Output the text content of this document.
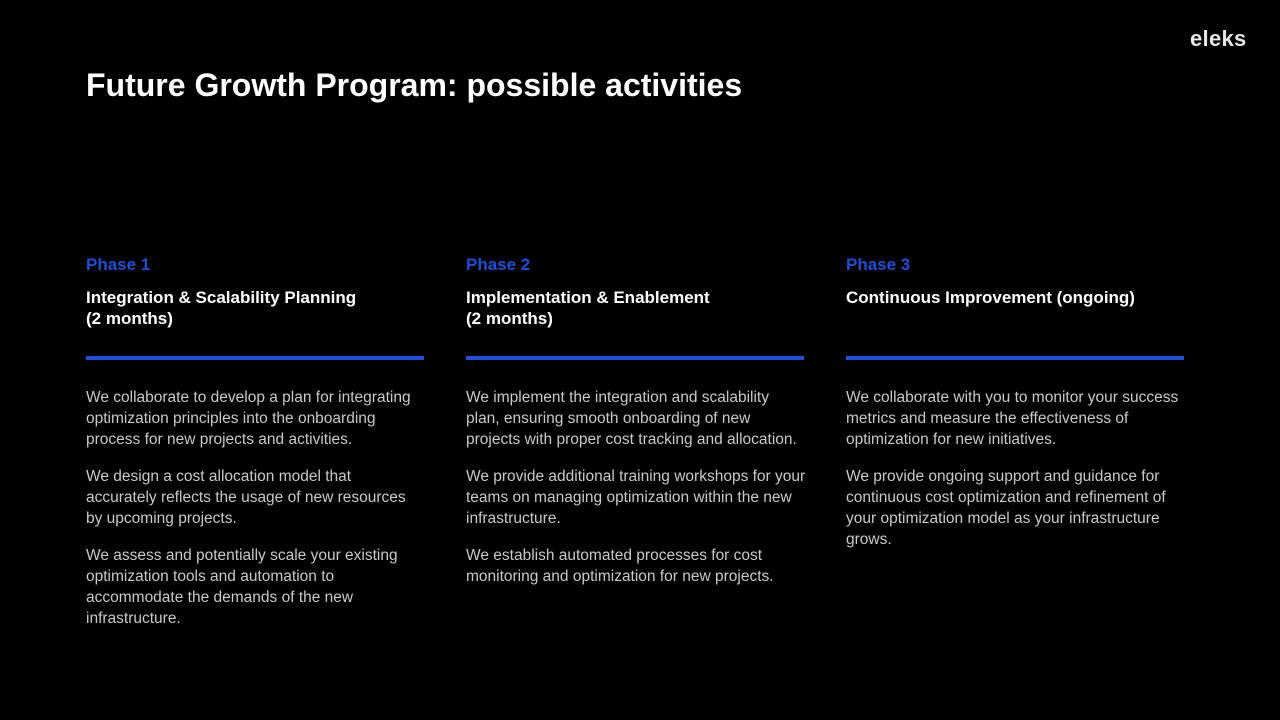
eleks
Future Growth Program: possible activities
Phase 1
Integration & Scalability Planning
(2 months)

We collaborate to develop a plan for integrating optimization principles into the onboarding process for new projects and activities.

We design a cost allocation model that accurately reflects the usage of new resources by upcoming projects.

We assess and potentially scale your existing optimization tools and automation to accommodate the demands of the new infrastructure.

Phase 2
Implementation & Enablement
(2 months)

We implement the integration and scalability plan, ensuring smooth onboarding of new projects with proper cost tracking and allocation.

We provide additional training workshops for your teams on managing optimization within the new infrastructure.

We establish automated processes for cost monitoring and optimization for new projects.

Phase 3
Continuous Improvement (ongoing)

We collaborate with you to monitor your success metrics and measure the effectiveness of optimization for new initiatives.

We provide ongoing support and guidance for continuous cost optimization and refinement of your optimization model as your infrastructure grows.
